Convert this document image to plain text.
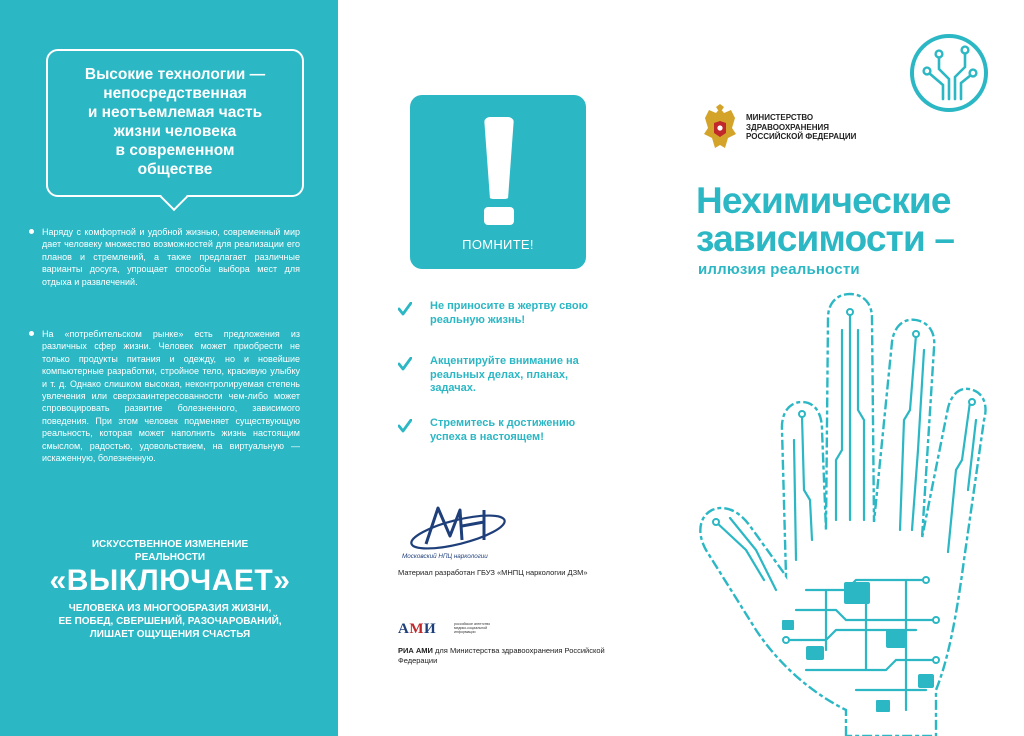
Высокие технологии —
непосредственная
и неотъемлемая часть
жизни человека
в современном
обществе
Наряду с комфортной и удобной жизнью, современный мир дает человеку множество возможностей для реализации его планов и стремлений, а также предлагает различные варианты досуга, упрощает способы выбора мест для отдыха и развлечений.
На «потребительском рынке» есть предложения из различных сфер жизни. Человек может приобрести не только продукты питания и одежду, но и новейшие компьютерные разработки, стройное тело, красивую улыбку и т. д. Однако слишком высокая, неконтролируемая степень увлечения или сверхзаинтересованности чем-либо может спровоцировать развитие болезненного, зависимого поведения. При этом человек подменяет существующую реальность, которая может наполнить жизнь настоящим смыслом, радостью, удовольствием, на виртуальную — искаженную, болезненную.
ИСКУССТВЕННОЕ ИЗМЕНЕНИЕ
РЕАЛЬНОСТИ
«ВЫКЛЮЧАЕТ»
ЧЕЛОВЕКА ИЗ МНОГООБРАЗИЯ ЖИЗНИ,
ЕЕ ПОБЕД, СВЕРШЕНИЙ, РАЗОЧАРОВАНИЙ,
ЛИШАЕТ ОЩУЩЕНИЯ СЧАСТЬЯ
ПОМНИТЕ!
Не приносите в жертву свою
реальную жизнь!
Акцентируйте внимание на
реальных делах, планах,
задачах.
Стремитесь к достижению
успеха в настоящем!
Московский НПЦ наркологии
Материал разработан ГБУЗ «МНПЦ наркологии ДЗМ»
АМИ	российское агентство
медико-социальной
информации
РИА АМИ для Министерства здравоохранения Российской Федерации
МИНИСТЕРСТВО
ЗДРАВООХРАНЕНИЯ
РОССИЙСКОЙ ФЕДЕРАЦИИ
Нехимические
зависимости –
иллюзия реальности
